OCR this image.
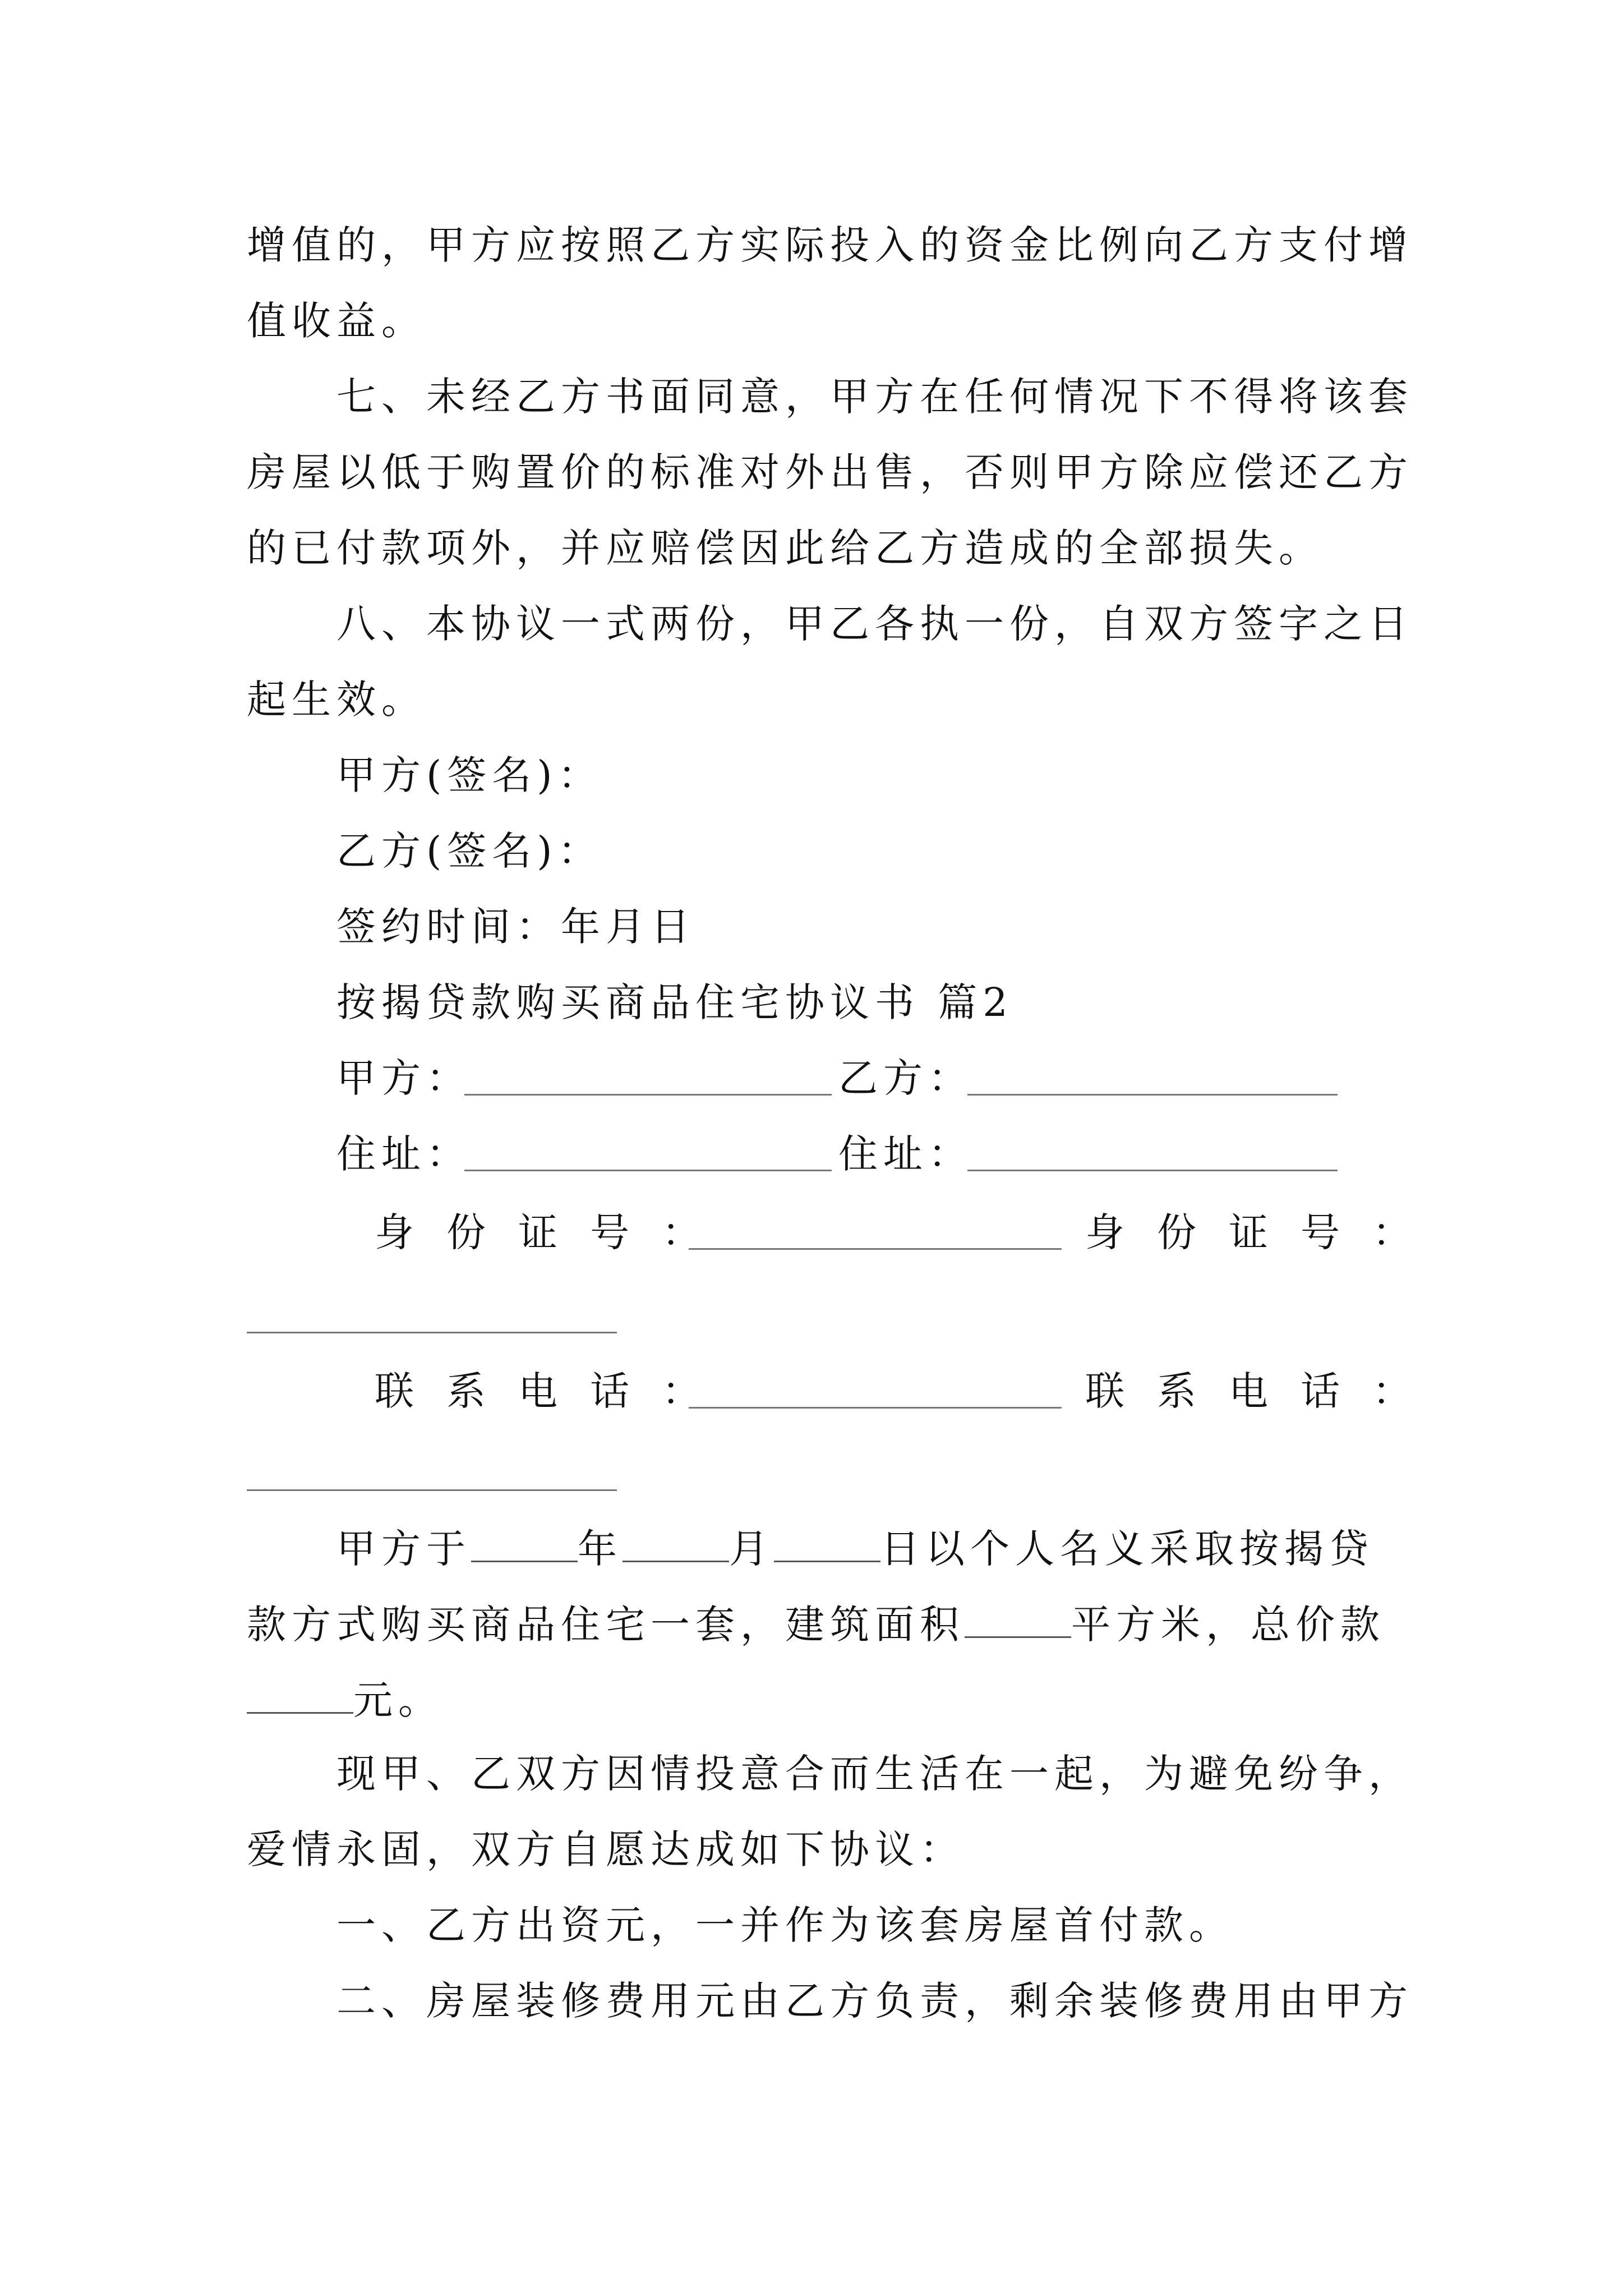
增值的，甲方应按照乙方实际投入的资金比例向乙方支付增
值收益。
七、未经乙方书面同意，甲方在任何情况下不得将该套
房屋以低于购置价的标准对外出售，否则甲方除应偿还乙方
的已付款项外，并应赔偿因此给乙方造成的全部损失。
八、本协议一式两份，甲乙各执一份，自双方签字之日
起生效。
甲方(签名)：
乙方(签名)：
签约时间：年月日
按揭贷款购买商品住宅协议书 篇2
甲方：	乙方：
住址：	住址：
身份证号：	身份证号：
联系电话：	联系电话：
甲方于	年	月	日以个人名义采取按揭贷
款方式购买商品住宅一套，建筑面积	平方米，总价款
元。
现甲、乙双方因情投意合而生活在一起，为避免纷争，
爱情永固，双方自愿达成如下协议：
一、乙方出资元，一并作为该套房屋首付款。
二、房屋装修费用元由乙方负责，剩余装修费用由甲方
